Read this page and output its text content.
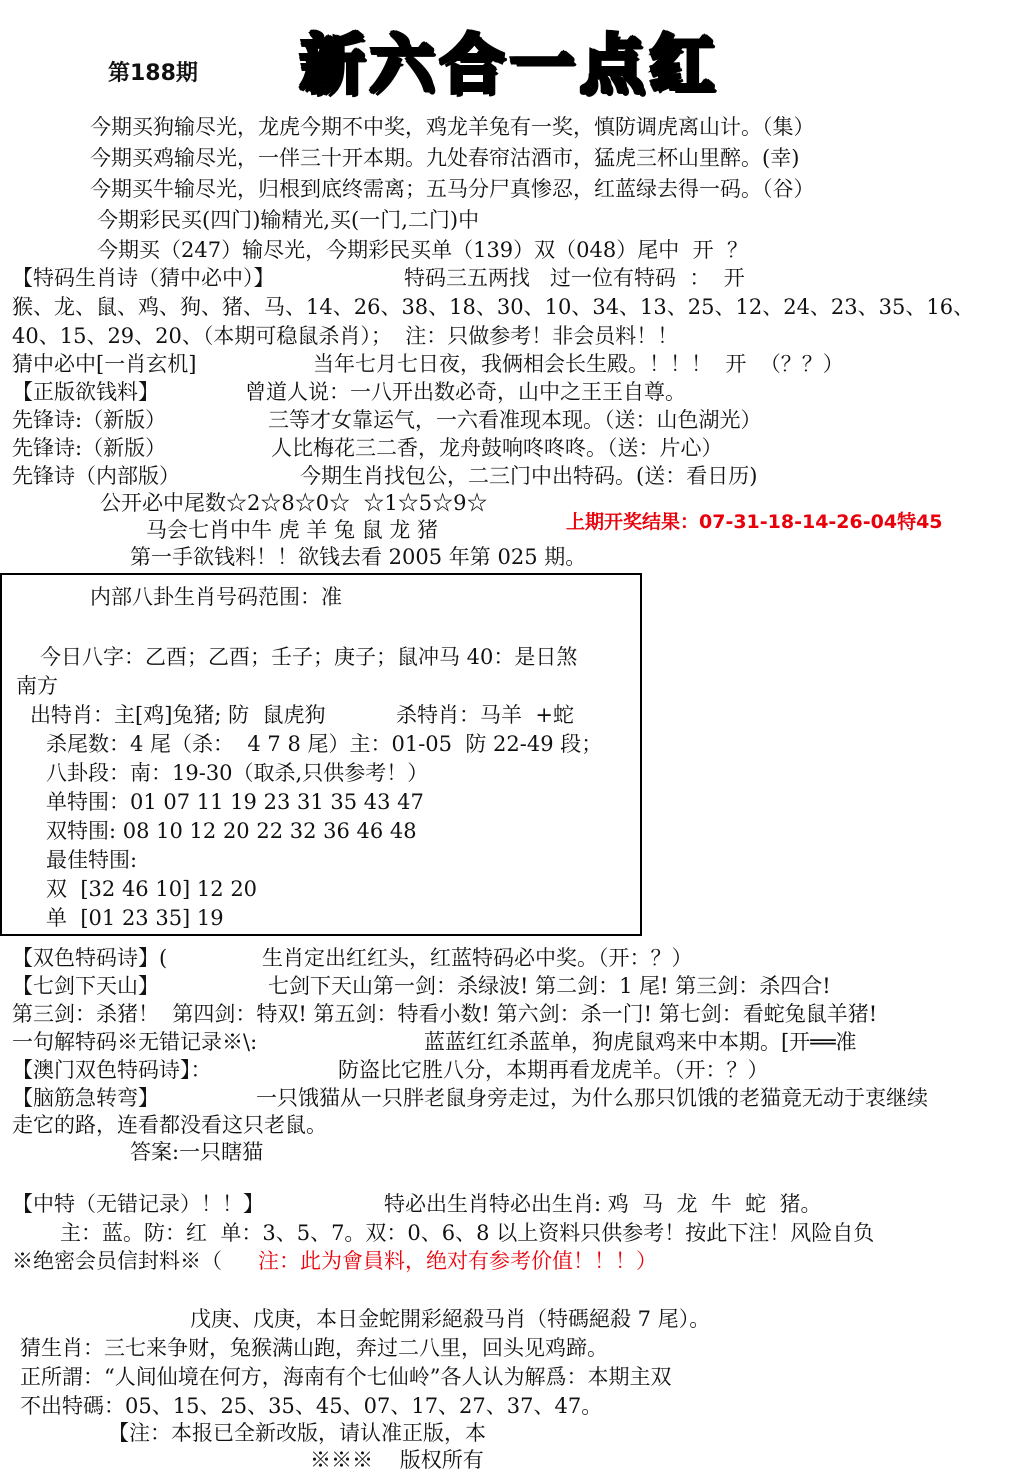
第188期 新六合一点红
今期买狗输尽光，龙虎今期不中奖，鸡龙羊兔有一奖，慎防调虎离山计。（集）
今期买鸡输尽光，一伴三十开本期。九处春帘沽酒市，猛虎三杯山里醉。(幸)
今期买牛输尽光，归根到底终需离；五马分尸真惨忍，红蓝绿去得一码。（谷）
今期彩民买(四门)输精光,买(一门,二门)中
今期买（247）输尽光，今期彩民买单（139）双（048）尾中  开  ？
【特码生肖诗（猜中必中）】	特码三五两找   过一位有特码  ：  开
猴、龙、鼠、鸡、狗、猪、马、14、26、38、18、30、10、34、13、25、12、24、23、35、16、
40、15、29、20、（本期可稳鼠杀肖）；  注：只做参考！非会员料！！
猜中必中[一肖玄机]	当年七月七日夜，我俩相会长生殿。！！！  开  （？？）
【正版欲钱料】	曾道人说：一八开出数必奇，山中之王王自尊。
先锋诗:（新版）	三等才女靠运气，一六看准现本现。（送：山色湖光）
先锋诗:（新版）	人比梅花三二香，龙舟鼓响咚咚咚。（送：片心）
先锋诗（内部版）	今期生肖找包公，二三门中出特码。(送：看日历)
公开必中尾数☆2☆8☆0☆  ☆1☆5☆9☆
马会七肖中牛 虎 羊 兔 鼠 龙 猪	上期开奖结果：07-31-18-14-26-04特45
第一手欲钱料！！欲钱去看 2005 年第 025 期。
内部八卦生肖号码范围：准
今日八字：乙酉；乙酉；壬子；庚子；鼠冲马 40：是日煞
南方
出特肖：主[鸡]兔猪; 防  鼠虎狗	杀特肖：马羊  +蛇
杀尾数：4 尾（杀：  4 7 8 尾）主：01-05  防 22-49 段；
八卦段：南：19-30（取杀,只供参考！）
单特围：01 07 11 19 23 31 35 43 47
双特围: 08 10 12 20 22 32 36 46 48
最佳特围:
双  [32 46 10] 12 20
单  [01 23 35] 19
【双色特码诗】(	生肖定出红红头，红蓝特码必中奖。（开：？）
【七剑下天山】	七剑下天山第一剑：杀绿波! 第二剑：1 尾! 第三剑：杀四合!
第三剑：杀猪！  第四剑：特双! 第五剑：特看小数! 第六剑：杀一门! 第七剑：看蛇兔鼠羊猪!
一句解特码※无错记录※\:	蓝蓝红红杀蓝单，狗虎鼠鸡来中本期。[开══准
【澳门双色特码诗】：	防盗比它胜八分，本期再看龙虎羊。（开：？）
【脑筋急转弯】	一只饿猫从一只胖老鼠身旁走过，为什么那只饥饿的老猫竟无动于衷继续
走它的路，连看都没看这只老鼠。
答案:一只瞎猫
【中特（无错记录）！！】	特必出生肖特必出生肖: 鸡  马  龙  牛  蛇  猪。
主：蓝。防：红  单：3、5、7。双：0、6、8 以上资料只供参考！按此下注！风险自负
※绝密会员信封料※（ 注：此为會員料，绝对有参考价值！！！）
戊庚、戊庚，本日金蛇開彩絕殺马肖（特碼絕殺 7 尾）。
猜生肖：三七来争财，兔猴满山跑，奔过二八里，回头见鸡蹄。
正所謂：“人间仙境在何方，海南有个七仙岭”各人认为解爲：本期主双
不出特碼：05、15、25、35、45、07、17、27、37、47。
【注：本报已全新改版，请认准正版，本
※※※    版权所有
